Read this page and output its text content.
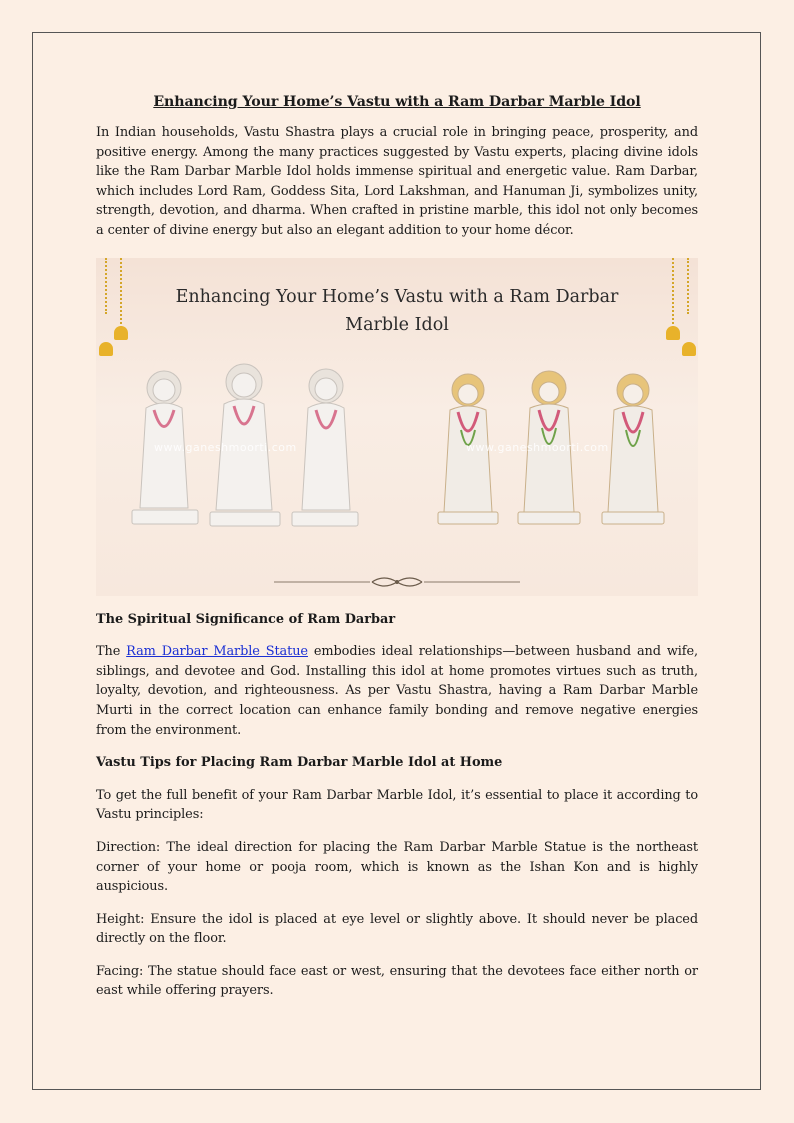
Enhancing Your Home’s Vastu with a Ram Darbar Marble Idol

In Indian households, Vastu Shastra plays a crucial role in bringing peace, prosperity, and positive energy. Among the many practices suggested by Vastu experts, placing divine idols like the Ram Darbar Marble Idol holds immense spiritual and energetic value. Ram Darbar, which includes Lord Ram, Goddess Sita, Lord Lakshman, and Hanuman Ji, symbolizes unity, strength, devotion, and dharma. When crafted in pristine marble, this idol not only becomes a center of divine energy but also an elegant addition to your home décor.

Enhancing Your Home’s Vastu with a Ram Darbar
Marble Idol
www.ganeshmoorti.com	www.ganeshmoorti.com
The Spiritual Significance of Ram Darbar

The Ram Darbar Marble Statue embodies ideal relationships—between husband and wife, siblings, and devotee and God. Installing this idol at home promotes virtues such as truth, loyalty, devotion, and righteousness. As per Vastu Shastra, having a Ram Darbar Marble Murti in the correct location can enhance family bonding and remove negative energies from the environment.

Vastu Tips for Placing Ram Darbar Marble Idol at Home

To get the full benefit of your Ram Darbar Marble Idol, it’s essential to place it according to Vastu principles:

Direction: The ideal direction for placing the Ram Darbar Marble Statue is the northeast corner of your home or pooja room, which is known as the Ishan Kon and is highly auspicious.

Height: Ensure the idol is placed at eye level or slightly above. It should never be placed directly on the floor.

Facing: The statue should face east or west, ensuring that the devotees face either north or east while offering prayers.
